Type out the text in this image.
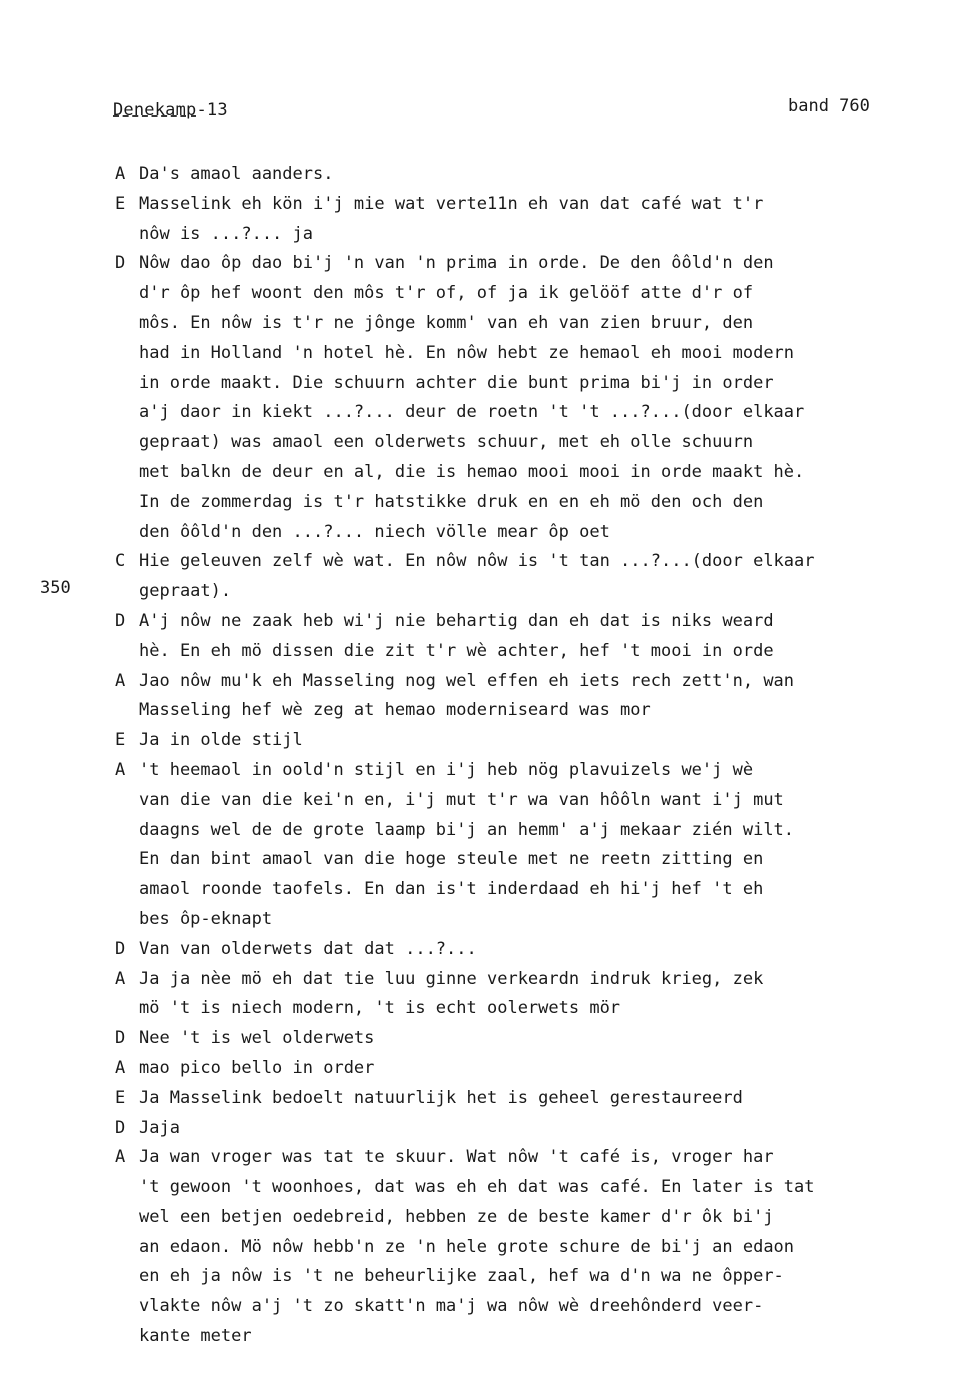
Denekamp-13	band 760
350
A Da's amaol aanders.
E Masselink eh kön i'j mie wat verte11n eh van dat café wat t'r
nôw is ...?... ja
D Nôw dao ôp dao bi'j 'n van 'n prima in orde. De den ôôld'n den
d'r ôp hef woont den môs t'r of, of ja ik gelööf atte d'r of
môs. En nôw is t'r ne jônge komm' van eh van zien bruur, den
had in Holland 'n hotel hè. En nôw hebt ze hemaol eh mooi modern
in orde maakt. Die schuurn achter die bunt prima bi'j in order
a'j daor in kiekt ...?... deur de roetn 't 't ...?...(door elkaar
gepraat) was amaol een olderwets schuur, met eh olle schuurn
met balkn de deur en al, die is hemao mooi mooi in orde maakt hè.
In de zommerdag is t'r hatstikke druk en en eh mö den och den
den ôôld'n den ...?... niech völle mear ôp oet
C Hie geleuven zelf wè wat. En nôw nôw is 't tan ...?...(door elkaar
gepraat).
D A'j nôw ne zaak heb wi'j nie behartig dan eh dat is niks weard
hè. En eh mö dissen die zit t'r wè achter, hef 't mooi in orde
A Jao nôw mu'k eh Masseling nog wel effen eh iets rech zett'n, wan
Masseling hef wè zeg at hemao moderniseard was mor
E Ja in olde stijl
A 't heemaol in oold'n stijl en i'j heb nög plavuizels we'j wè
van die van die kei'n en, i'j mut t'r wa van hôôln want i'j mut
daagns wel de de grote laamp bi'j an hemm' a'j mekaar zién wilt.
En dan bint amaol van die hoge steule met ne reetn zitting en
amaol roonde taofels. En dan is't inderdaad eh hi'j hef 't eh
bes ôp-eknapt
D Van van olderwets dat dat ...?...
A Ja ja nèe mö eh dat tie luu ginne verkeardn indruk krieg, zek
mö 't is niech modern, 't is echt oolerwets mör
D Nee 't is wel olderwets
A mao pico bello in order
E Ja Masselink bedoelt natuurlijk het is geheel gerestaureerd
D Jaja
A Ja wan vroger was tat te skuur. Wat nôw 't café is, vroger har
't gewoon 't woonhoes, dat was eh eh dat was café. En later is tat
wel een betjen oedebreid, hebben ze de beste kamer d'r ôk bi'j
an edaon. Mö nôw hebb'n ze 'n hele grote schure de bi'j an edaon
en eh ja nôw is 't ne beheurlijke zaal, hef wa d'n wa ne ôpper-
vlakte nôw a'j 't zo skatt'n ma'j wa nôw wè dreehônderd veer-
kante meter
